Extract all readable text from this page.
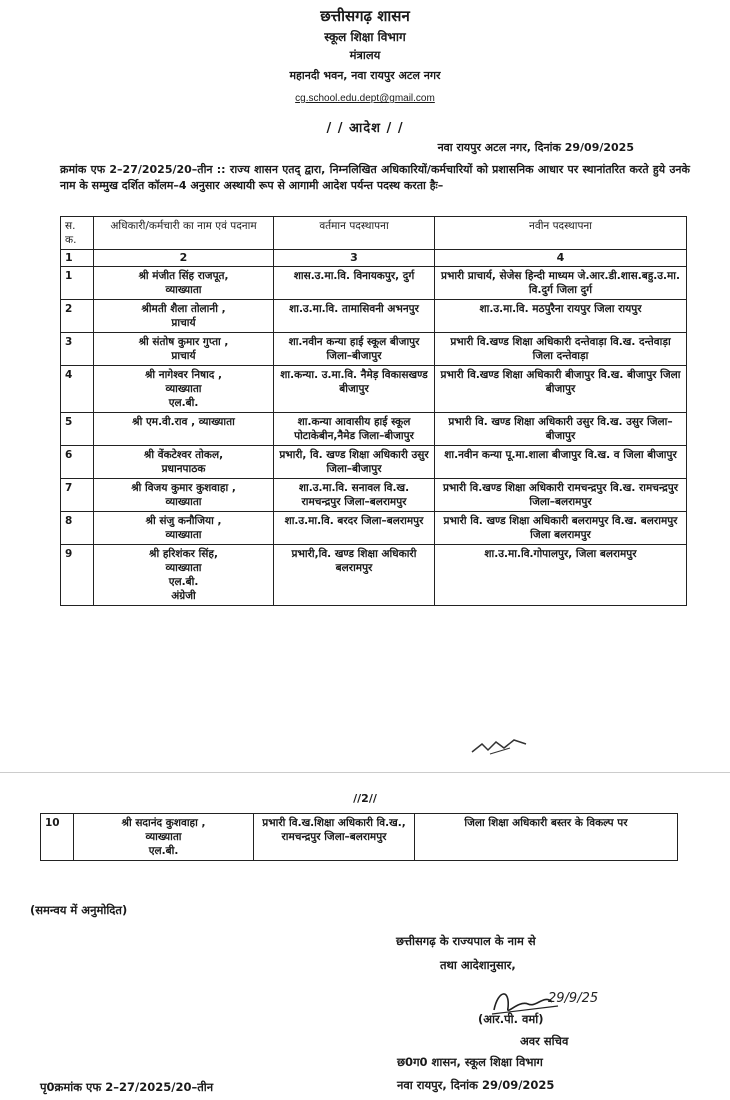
छत्तीसगढ़ शासन
स्कूल शिक्षा विभाग
मंत्रालय
महानदी भवन, नवा रायपुर अटल नगर
cg.school.edu.dept@gmail.com
/ / आदेश / /
नवा रायपुर अटल नगर, दिनांक 29/09/2025
क्रमांक एफ 2–27/2025/20–तीन :: राज्य शासन एतद् द्वारा, निम्नलिखित अधिकारियों/कर्मचारियों को प्रशासनिक आधार पर स्थानांतरित करते हुये उनके नाम के सम्मुख दर्शित कॉलम–4 अनुसार अस्थायी रूप से आगामी आदेश पर्यन्त पदस्थ करता हैः–
स. क.	अधिकारी/कर्मचारी का नाम एवं पदनाम	वर्तमान पदस्थापना	नवीन पदस्थापना
1	2	3	4
1	श्री मंजीत सिंह राजपूत,
व्याख्याता	शास.उ.मा.वि. विनायकपुर, दुर्ग	प्रभारी प्राचार्य, सेजेस हिन्दी माध्यम जे.आर.डी.शास.बहु.उ.मा. वि.दुर्ग जिला दुर्ग
2	श्रीमती शैला तोलानी ,
प्राचार्य	शा.उ.मा.वि. तामासिवनी अभनपुर	शा.उ.मा.वि. मठपुरैना रायपुर जिला रायपुर
3	श्री संतोष कुमार गुप्ता ,
प्राचार्य	शा.नवीन कन्या हाई स्कूल बीजापुर जिला–बीजापुर	प्रभारी वि.खण्ड शिक्षा अधिकारी दन्तेवाड़ा वि.ख. दन्तेवाड़ा जिला दन्तेवाड़ा
4	श्री नागेश्वर निषाद ,
व्याख्याता
एल.बी.	शा.कन्या. उ.मा.वि. नैमेड़ विकासखण्ड बीजापुर	प्रभारी वि.खण्ड शिक्षा अधिकारी बीजापुर वि.ख. बीजापुर जिला बीजापुर
5	श्री एम.वी.राव , व्याख्याता	शा.कन्या आवासीय हाई स्कूल पोटाकेबीन,नैमेड जिला–बीजापुर	प्रभारी वि. खण्ड शिक्षा अधिकारी उसुर वि.ख. उसुर जिला–बीजापुर
6	श्री वेंकटेश्वर तोकल,
प्रधानपाठक	प्रभारी, वि. खण्ड शिक्षा अधिकारी उसुर जिला–बीजापुर	शा.नवीन कन्या पू.मा.शाला बीजापुर वि.ख. व जिला बीजापुर
7	श्री विजय कुमार कुशवाहा ,
व्याख्याता	शा.उ.मा.वि. सनावल वि.ख. रामचन्द्रपुर जिला–बलरामपुर	प्रभारी वि.खण्ड शिक्षा अधिकारी रामचन्द्रपुर वि.ख. रामचन्द्रपुर जिला–बलरामपुर
8	श्री संजु कनौजिया ,
व्याख्याता	शा.उ.मा.वि. बरदर जिला–बलरामपुर	प्रभारी वि. खण्ड शिक्षा अधिकारी बलरामपुर वि.ख. बलरामपुर जिला बलरामपुर
9	श्री हरिशंकर सिंह,
व्याख्याता
एल.बी.
अंग्रेजी	प्रभारी,वि. खण्ड शिक्षा अधिकारी बलरामपुर	शा.उ.मा.वि.गोपालपुर, जिला बलरामपुर
//2//
10	श्री सदानंद कुशवाहा ,
व्याख्याता
एल.बी.	प्रभारी वि.ख.शिक्षा अधिकारी वि.ख., रामचन्द्रपुर जिला–बलरामपुर	जिला शिक्षा अधिकारी बस्तर के विकल्प पर
(समन्वय में अनुमोदित)
छत्तीसगढ़ के राज्यपाल के नाम से
तथा आदेशानुसार,
29/9/25
(आर.पी. वर्मा)
अवर सचिव
छ0ग0 शासन, स्कूल शिक्षा विभाग
नवा रायपुर, दिनांक 29/09/2025
पृ0क्रमांक एफ 2–27/2025/20–तीन
